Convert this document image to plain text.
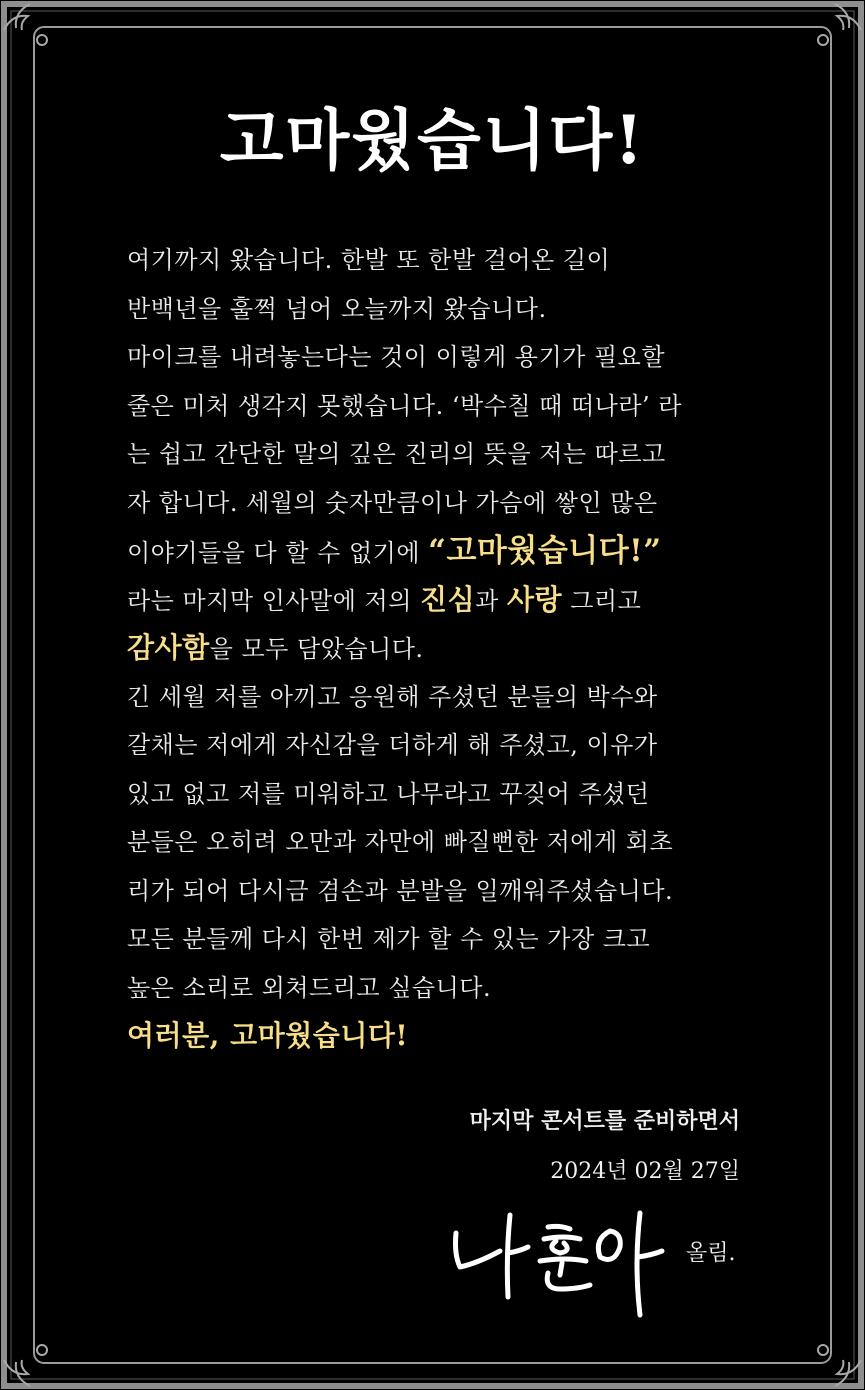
고마웠습니다!
여기까지 왔습니다. 한발 또 한발 걸어온 길이
반백년을 훌쩍 넘어 오늘까지 왔습니다.
마이크를 내려놓는다는 것이 이렇게 용기가 필요할
줄은 미처 생각지 못했습니다. ‘박수칠 때 떠나라’ 라
는 쉽고 간단한 말의 깊은 진리의 뜻을 저는 따르고
자 합니다. 세월의 숫자만큼이나 가슴에 쌓인 많은
이야기들을 다 할 수 없기에 “고마웠습니다!”
라는 마지막 인사말에 저의 진심과 사랑 그리고
감사함을 모두 담았습니다.
긴 세월 저를 아끼고 응원해 주셨던 분들의 박수와
갈채는 저에게 자신감을 더하게 해 주셨고, 이유가
있고 없고 저를 미워하고 나무라고 꾸짖어 주셨던
분들은 오히려 오만과 자만에 빠질뻔한 저에게 회초
리가 되어 다시금 겸손과 분발을 일깨워주셨습니다.
모든 분들께 다시 한번 제가 할 수 있는 가장 크고
높은 소리로 외쳐드리고 싶습니다.
여러분, 고마웠습니다!
마지막 콘서트를 준비하면서
2024년 02월 27일
올림.
